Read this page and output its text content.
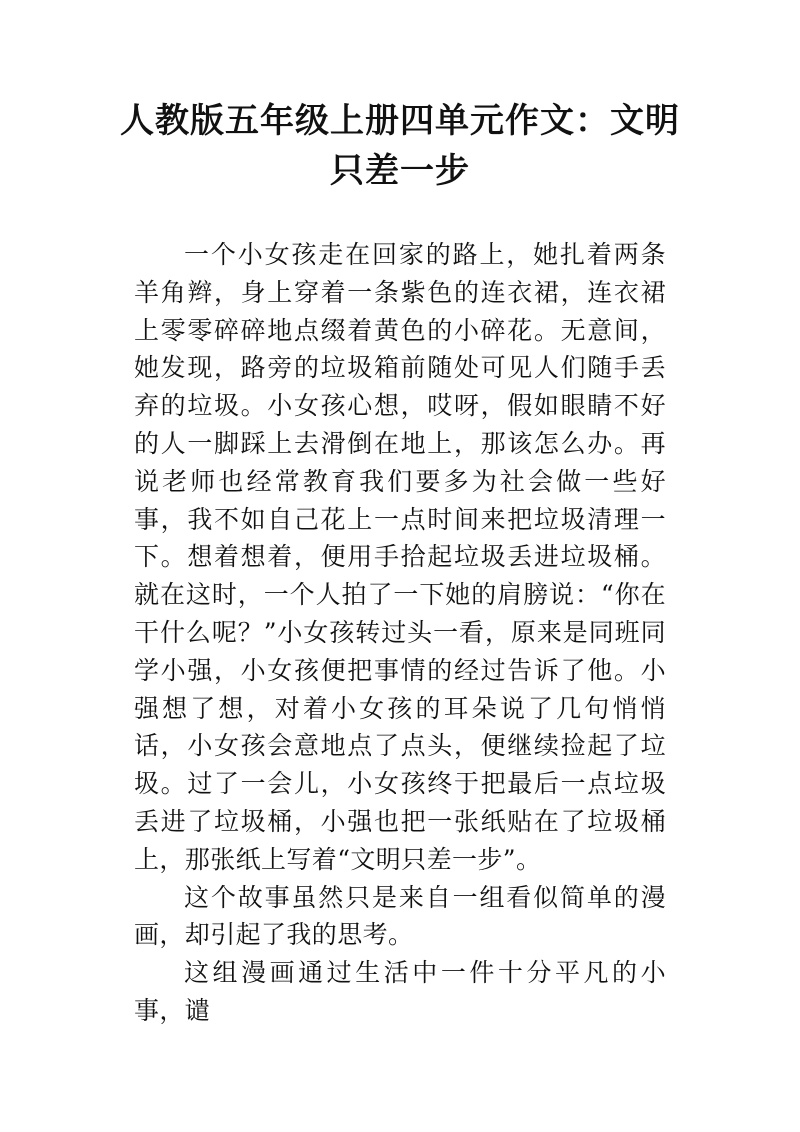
人教版五年级上册四单元作文：文明只差一步

一个小女孩走在回家的路上，她扎着两条羊角辫，身上穿着一条紫色的连衣裙，连衣裙上零零碎碎地点缀着黄色的小碎花。无意间，她发现，路旁的垃圾箱前随处可见人们随手丢弃的垃圾。小女孩心想，哎呀，假如眼睛不好的人一脚踩上去滑倒在地上，那该怎么办。再说老师也经常教育我们要多为社会做一些好事，我不如自己花上一点时间来把垃圾清理一下。想着想着，便用手拾起垃圾丢进垃圾桶。就在这时，一个人拍了一下她的肩膀说：“你在干什么呢？”小女孩转过头一看，原来是同班同学小强，小女孩便把事情的经过告诉了他。小强想了想，对着小女孩的耳朵说了几句悄悄话，小女孩会意地点了点头，便继续捡起了垃圾。过了一会儿，小女孩终于把最后一点垃圾丢进了垃圾桶，小强也把一张纸贴在了垃圾桶上，那张纸上写着“文明只差一步”。

这个故事虽然只是来自一组看似简单的漫画，却引起了我的思考。

这组漫画通过生活中一件十分平凡的小事，谴
